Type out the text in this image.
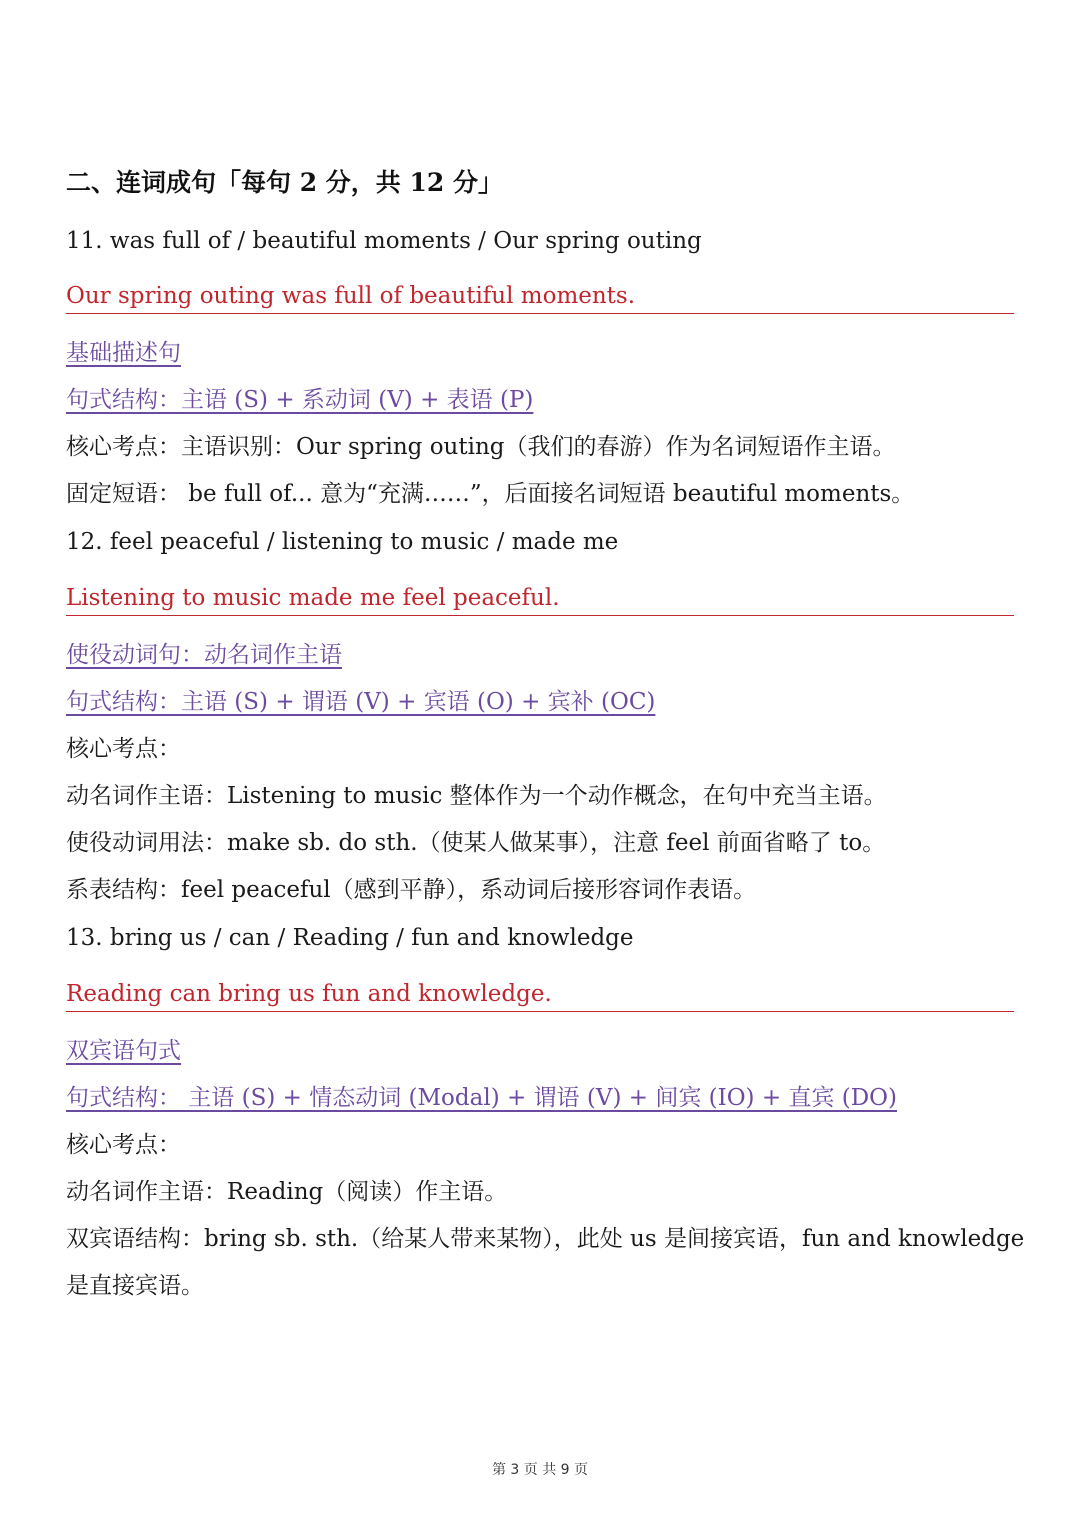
二、连词成句「每句 2 分，共 12 分」
11. was full of / beautiful moments / Our spring outing
Our spring outing was full of beautiful moments.
基础描述句
句式结构：主语 (S) + 系动词 (V) + 表语 (P)
核心考点：主语识别：Our spring outing（我们的春游）作为名词短语作主语。
固定短语： be full of... 意为“充满……”，后面接名词短语 beautiful moments。
12. feel peaceful / listening to music / made me
Listening to music made me feel peaceful.
使役动词句：动名词作主语
句式结构：主语 (S) + 谓语 (V) + 宾语 (O) + 宾补 (OC)
核心考点：
动名词作主语：Listening to music 整体作为一个动作概念，在句中充当主语。
使役动词用法：make sb. do sth.（使某人做某事），注意 feel 前面省略了 to。
系表结构：feel peaceful（感到平静），系动词后接形容词作表语。
13. bring us / can / Reading / fun and knowledge
Reading can bring us fun and knowledge.
双宾语句式
句式结构： 主语 (S) + 情态动词 (Modal) + 谓语 (V) + 间宾 (IO) + 直宾 (DO)
核心考点：
动名词作主语：Reading（阅读）作主语。
双宾语结构：bring sb. sth.（给某人带来某物），此处 us 是间接宾语，fun and knowledge
是直接宾语。
第 3 页 共 9 页
